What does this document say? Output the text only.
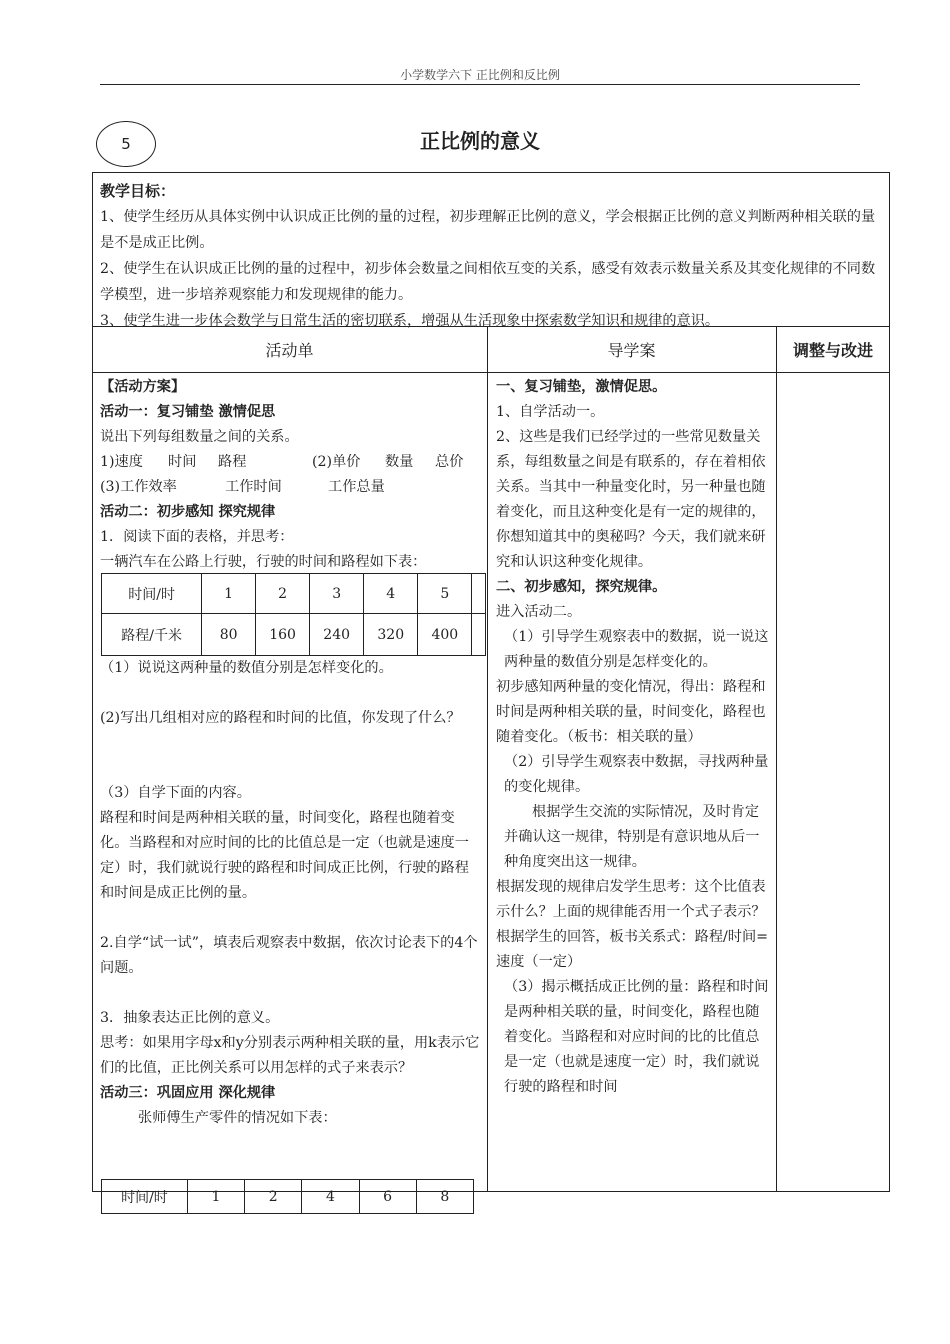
小学数学六下 正比例和反比例
5	正比例的意义
教学目标：
1、使学生经历从具体实例中认识成正比例的量的过程，初步理解正比例的意义，学会根据正比例的意义判断两种相关联的量是不是成正比例。
2、使学生在认识成正比例的量的过程中，初步体会数量之间相依互变的关系，感受有效表示数量关系及其变化规律的不同数学模型，进一步培养观察能力和发现规律的能力。
3、使学生进一步体会数学与日常生活的密切联系，增强从生活现象中探索数学知识和规律的意识。
活动单	导学案	调整与改进

【活动方案】

活动一：复习铺垫 激情促思

说出下列每组数量之间的关系。

1)速度 时间 路程	(2)单价 数量 总价
(3)工作效率	工作时间	工作总量

活动二：初步感知 探究规律

1．阅读下面的表格，并思考：

一辆汽车在公路上行驶，行驶的时间和路程如下表：

时间/时	1	2	3	4	5	
路程/千米	80	160	240	320	400	

（1）说说这两种量的数值分别是怎样变化的。

(2)写出几组相对应的路程和时间的比值，你发现了什么？

（3）自学下面的内容。

路程和时间是两种相关联的量，时间变化，路程也随着变化。当路程和对应时间的比的比值总是一定（也就是速度一定）时，我们就说行驶的路程和时间成正比例，行驶的路程和时间是成正比例的量。

2.自学“试一试”，填表后观察表中数据，依次讨论表下的4个问题。

3．抽象表达正比例的意义。

思考：如果用字母x和y分别表示两种相关联的量，用k表示它们的比值，正比例关系可以用怎样的式子来表示？

活动三：巩固应用 深化规律

张师傅生产零件的情况如下表：

时间/时	1	2	4	6	8

一、复习铺垫，激情促思。

1、自学活动一。

2、这些是我们已经学过的一些常见数量关系，每组数量之间是有联系的，存在着相依关系。当其中一种量变化时，另一种量也随着变化，而且这种变化是有一定的规律的，你想知道其中的奥秘吗？今天，我们就来研究和认识这种变化规律。

二、初步感知，探究规律。

进入活动二。

（1）引导学生观察表中的数据，说一说这两种量的数值分别是怎样变化的。

初步感知两种量的变化情况，得出：路程和时间是两种相关联的量，时间变化，路程也随着变化。（板书：相关联的量）

（2）引导学生观察表中数据，寻找两种量的变化规律。

根据学生交流的实际情况，及时肯定并确认这一规律，特别是有意识地从后一种角度突出这一规律。

根据发现的规律启发学生思考：这个比值表示什么？上面的规律能否用一个式子表示？

根据学生的回答，板书关系式：路程/时间=速度（一定）

（3）揭示概括成正比例的量：路程和时间是两种相关联的量，时间变化，路程也随着变化。当路程和对应时间的比的比值总是一定（也就是速度一定）时，我们就说行驶的路程和时间
